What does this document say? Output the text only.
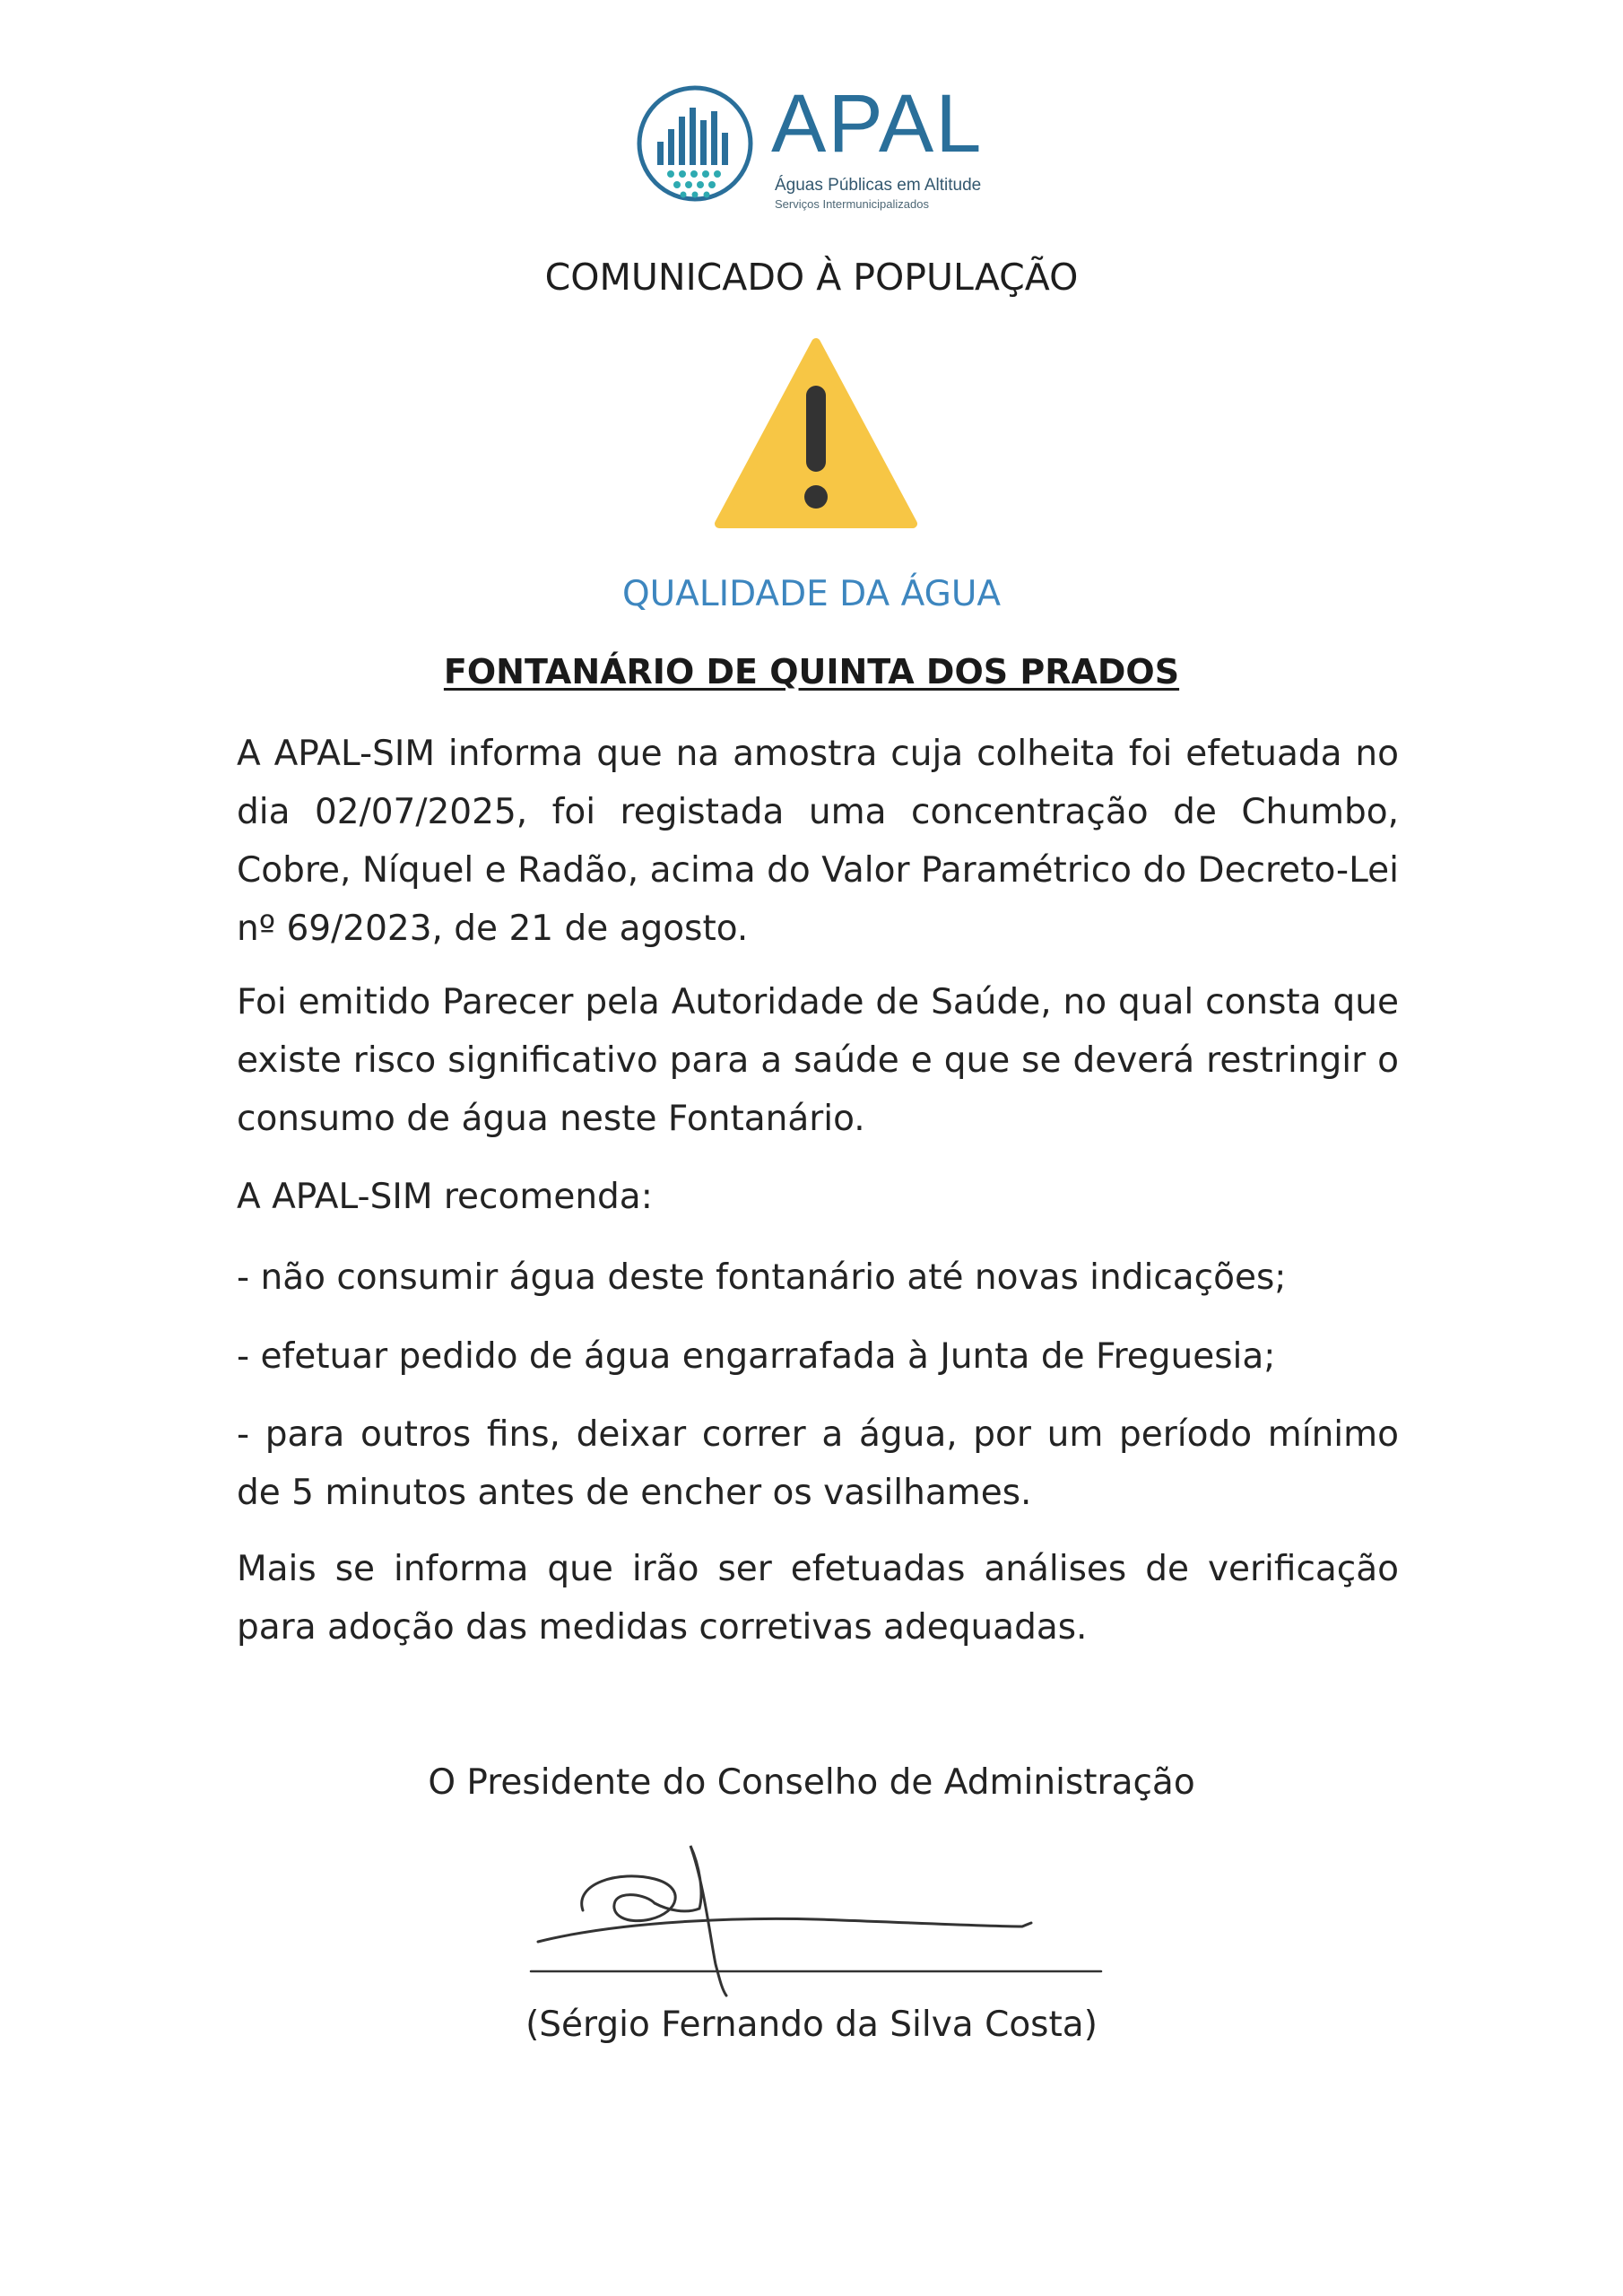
APAL
Águas Públicas em Altitude
Serviços Intermunicipalizados
COMUNICADO À POPULAÇÃO
QUALIDADE DA ÁGUA
FONTANÁRIO DE QUINTA DOS PRADOS
A APAL-SIM informa que na amostra cuja colheita foi efetuada no dia 02/07/2025, foi registada uma concentração de Chumbo, Cobre, Níquel e Radão, acima do Valor Paramétrico do Decreto-Lei nº 69/2023, de 21 de agosto.
Foi emitido Parecer pela Autoridade de Saúde, no qual consta que existe risco significativo para a saúde e que se deverá restringir o consumo de água neste Fontanário.
A APAL-SIM recomenda:
- não consumir água deste fontanário até novas indicações;
- efetuar pedido de água engarrafada à Junta de Freguesia;
- para outros fins, deixar correr a água, por um período mínimo de 5 minutos antes de encher os vasilhames.
Mais se informa que irão ser efetuadas análises de verificação para adoção das medidas corretivas adequadas.
O Presidente do Conselho de Administração
(Sérgio Fernando da Silva Costa)
